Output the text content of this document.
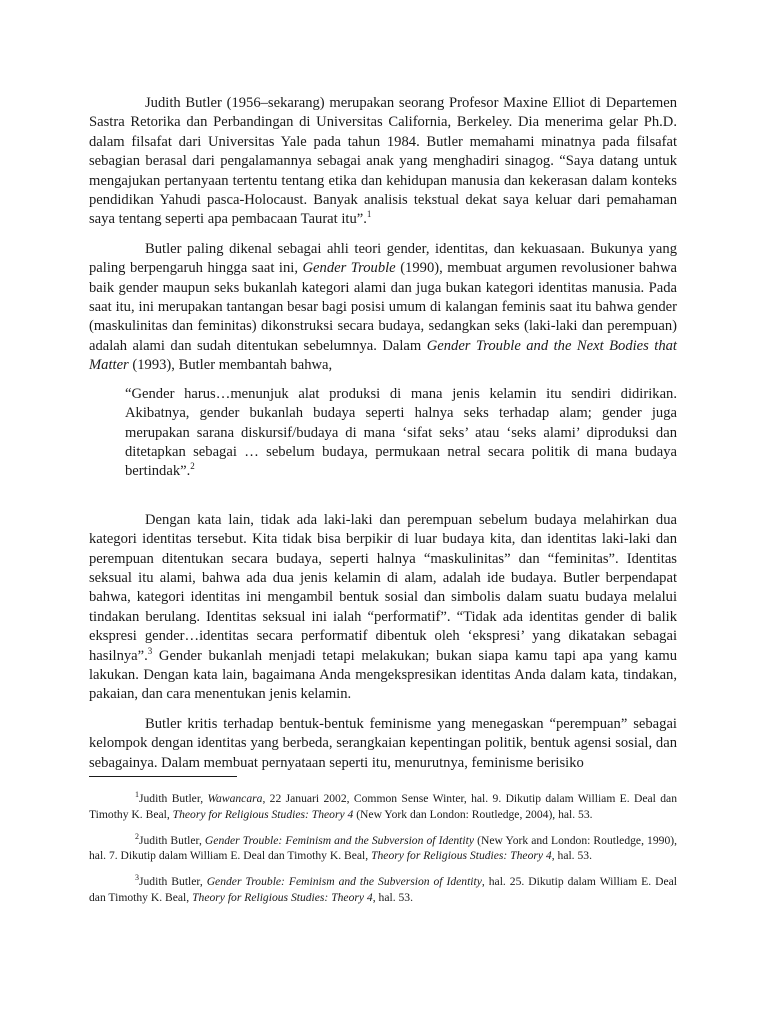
Judith Butler (1956–sekarang) merupakan seorang Profesor Maxine Elliot di Departemen Sastra Retorika dan Perbandingan di Universitas California, Berkeley. Dia menerima gelar Ph.D. dalam filsafat dari Universitas Yale pada tahun 1984. Butler memahami minatnya pada filsafat sebagian berasal dari pengalamannya sebagai anak yang menghadiri sinagog. “Saya datang untuk mengajukan pertanyaan tertentu tentang etika dan kehidupan manusia dan kekerasan dalam konteks pendidikan Yahudi pasca-Holocaust. Banyak analisis tekstual dekat saya keluar dari pemahaman saya tentang seperti apa pembacaan Taurat itu”.$^1$

Butler paling dikenal sebagai ahli teori gender, identitas, dan kekuasaan. Bukunya yang paling berpengaruh hingga saat ini, Gender Trouble (1990), membuat argumen revolusioner bahwa baik gender maupun seks bukanlah kategori alami dan juga bukan kategori identitas manusia. Pada saat itu, ini merupakan tantangan besar bagi posisi umum di kalangan feminis saat itu bahwa gender (maskulinitas dan feminitas) dikonstruksi secara budaya, sedangkan seks (laki-laki dan perempuan) adalah alami dan sudah ditentukan sebelumnya. Dalam Gender Trouble and the Next Bodies that Matter (1993), Butler membantah bahwa,

“Gender harus…menunjuk alat produksi di mana jenis kelamin itu sendiri didirikan. Akibatnya, gender bukanlah budaya seperti halnya seks terhadap alam; gender juga merupakan sarana diskursif/budaya di mana ‘sifat seks’ atau ‘seks alami’ diproduksi dan ditetapkan sebagai … sebelum budaya, permukaan netral secara politik di mana budaya bertindak”.$^2$

Dengan kata lain, tidak ada laki-laki dan perempuan sebelum budaya melahirkan dua kategori identitas tersebut. Kita tidak bisa berpikir di luar budaya kita, dan identitas laki-laki dan perempuan ditentukan secara budaya, seperti halnya “maskulinitas” dan “feminitas”. Identitas seksual itu alami, bahwa ada dua jenis kelamin di alam, adalah ide budaya. Butler berpendapat bahwa, kategori identitas ini mengambil bentuk sosial dan simbolis dalam suatu budaya melalui tindakan berulang. Identitas seksual ini ialah “performatif”. “Tidak ada identitas gender di balik ekspresi gender…identitas secara performatif dibentuk oleh ‘ekspresi’ yang dikatakan sebagai hasilnya”.$^3$ Gender bukanlah menjadi tetapi melakukan; bukan siapa kamu tapi apa yang kamu lakukan. Dengan kata lain, bagaimana Anda mengekspresikan identitas Anda dalam kata, tindakan, pakaian, dan cara menentukan jenis kelamin.

Butler kritis terhadap bentuk-bentuk feminisme yang menegaskan “perempuan” sebagai kelompok dengan identitas yang berbeda, serangkaian kepentingan politik, bentuk agensi sosial, dan sebagainya. Dalam membuat pernyataan seperti itu, menurutnya, feminisme berisiko

$^1$Judith Butler, Wawancara, 22 Januari 2002, Common Sense Winter, hal. 9. Dikutip dalam William E. Deal dan Timothy K. Beal, Theory for Religious Studies: Theory 4 (New York dan London: Routledge, 2004), hal. 53.

$^2$Judith Butler, Gender Trouble: Feminism and the Subversion of Identity (New York and London: Routledge, 1990), hal. 7. Dikutip dalam William E. Deal dan Timothy K. Beal, Theory for Religious Studies: Theory 4, hal. 53.

$^3$Judith Butler, Gender Trouble: Feminism and the Subversion of Identity, hal. 25. Dikutip dalam William E. Deal dan Timothy K. Beal, Theory for Religious Studies: Theory 4, hal. 53.
